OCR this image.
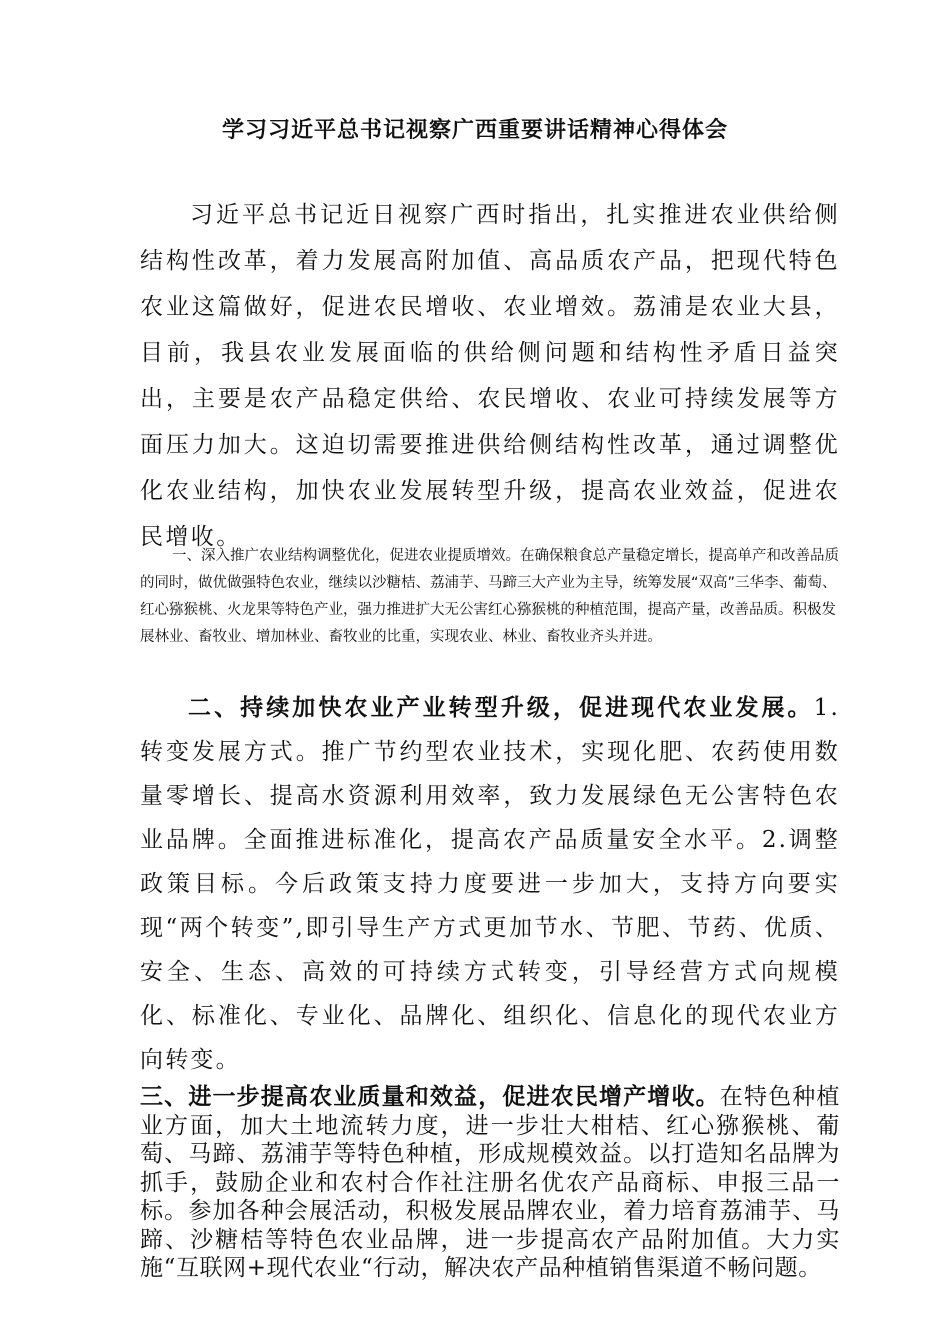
学习习近平总书记视察广西重要讲话精神心得体会

习近平总书记近日视察广西时指出，扎实推进农业供给侧结构性改革，着力发展高附加值、高品质农产品，把现代特色农业这篇做好，促进农民增收、农业增效。荔浦是农业大县，目前，我县农业发展面临的供给侧问题和结构性矛盾日益突出，主要是农产品稳定供给、农民增收、农业可持续发展等方面压力加大。这迫切需要推进供给侧结构性改革，通过调整优化农业结构，加快农业发展转型升级，提高农业效益，促进农民增收。

一、深入推广农业结构调整优化，促进农业提质增效。在确保粮食总产量稳定增长，提高单产和改善品质的同时，做优做强特色农业，继续以沙糖桔、荔浦芋、马蹄三大产业为主导，统筹发展“双高”三华李、葡萄、红心猕猴桃、火龙果等特色产业，强力推进扩大无公害红心猕猴桃的种植范围，提高产量，改善品质。积极发展林业、畜牧业、增加林业、畜牧业的比重，实现农业、林业、畜牧业齐头并进。

二、持续加快农业产业转型升级，促进现代农业发展。1.转变发展方式。推广节约型农业技术，实现化肥、农药使用数量零增长、提高水资源利用效率，致力发展绿色无公害特色农业品牌。全面推进标准化，提高农产品质量安全水平。2.调整政策目标。今后政策支持力度要进一步加大，支持方向要实现“两个转变”,即引导生产方式更加节水、节肥、节药、优质、安全、生态、高效的可持续方式转变，引导经营方式向规模化、标准化、专业化、品牌化、组织化、信息化的现代农业方向转变。

三、进一步提高农业质量和效益，促进农民增产增收。在特色种植业方面，加大土地流转力度，进一步壮大柑桔、红心猕猴桃、葡萄、马蹄、荔浦芋等特色种植，形成规模效益。以打造知名品牌为抓手，鼓励企业和农村合作社注册名优农产品商标、申报三品一标。参加各种会展活动，积极发展品牌农业，着力培育荔浦芋、马蹄、沙糖桔等特色农业品牌，进一步提高农产品附加值。大力实施“互联网+现代农业“行动，解决农产品种植销售渠道不畅问题。
